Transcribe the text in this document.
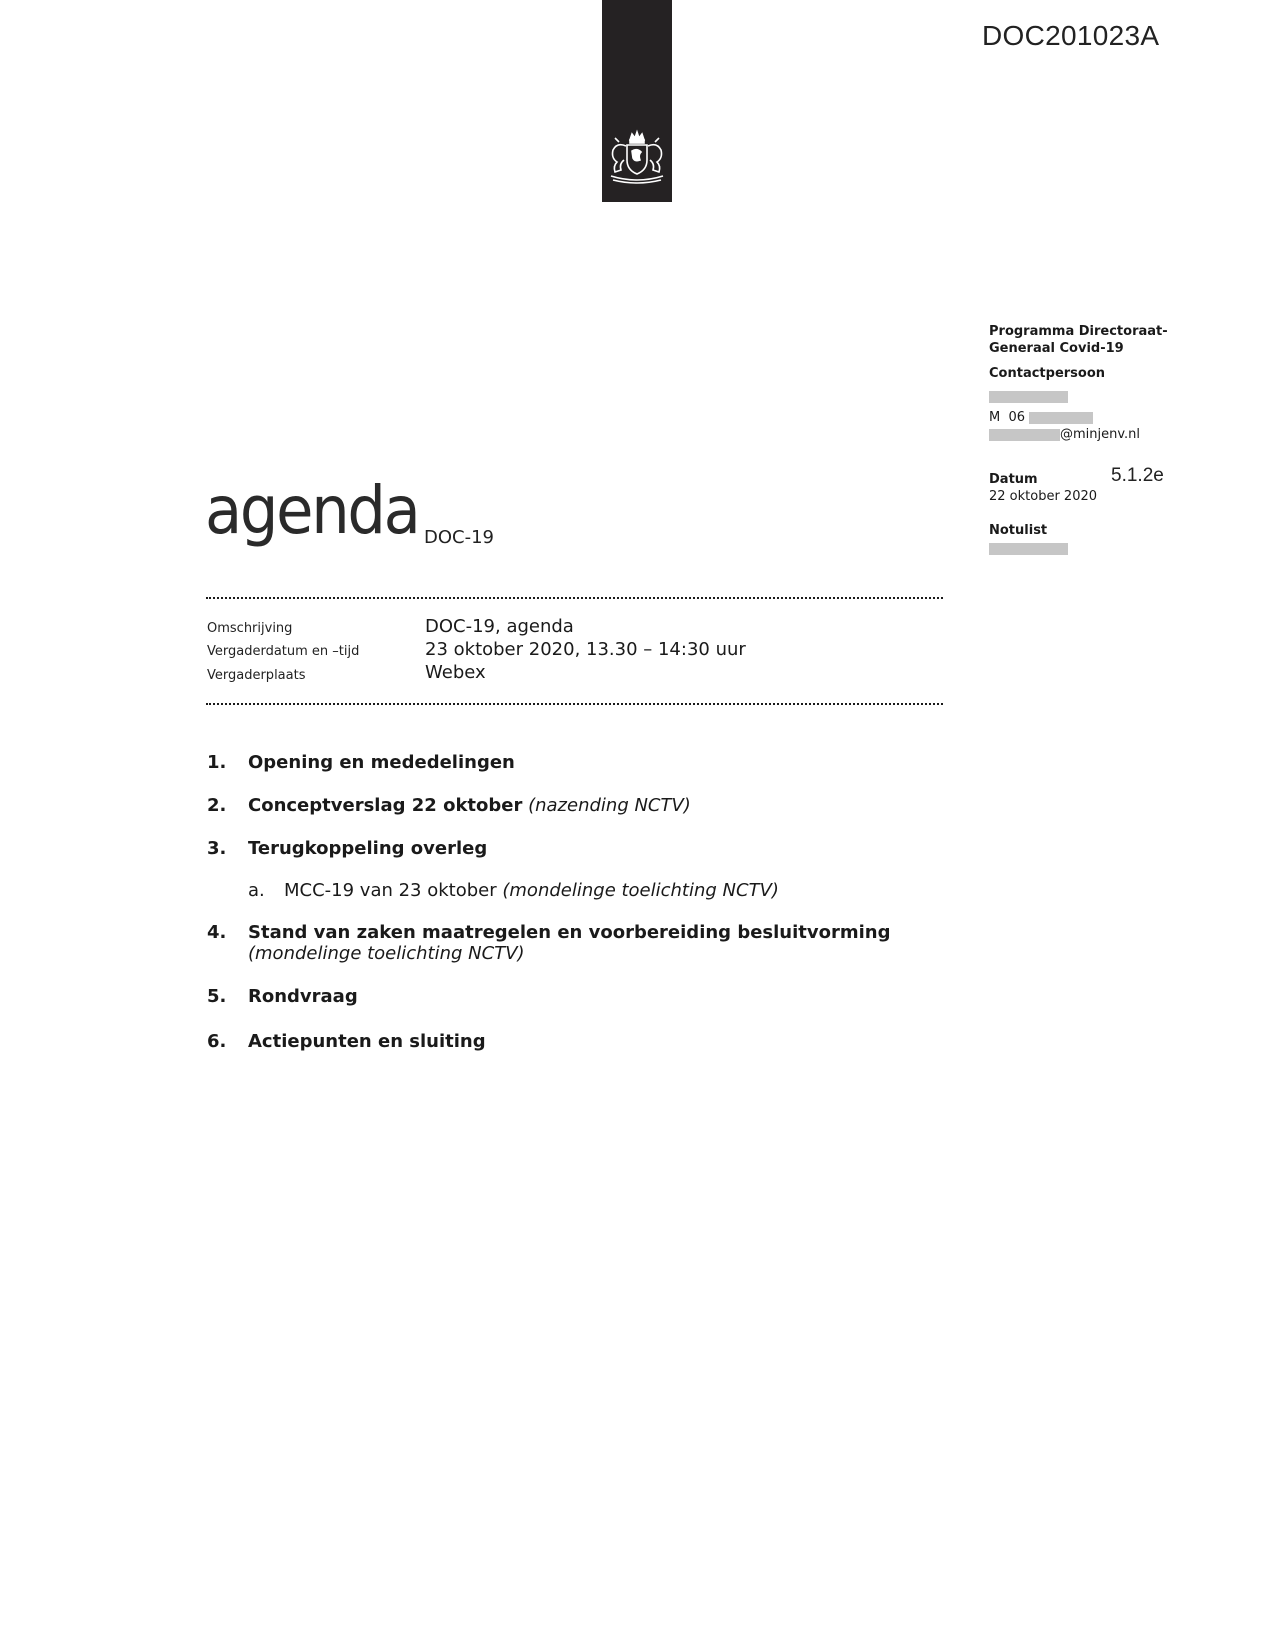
DOC201023A
Programma Directoraat-
Generaal Covid-19
Contactpersoon
M 06
@minjenv.nl
Datum
22 oktober 2020
Notulist
5.1.2e
agenda DOC-19
Omschrijving	DOC-19, agenda
Vergaderdatum en –tijd	23 oktober 2020, 13.30 – 14:30 uur
Vergaderplaats	Webex
1. Opening en mededelingen
2. Conceptverslag 22 oktober (nazending NCTV)
3. Terugkoppeling overleg
a. MCC-19 van 23 oktober (mondelinge toelichting NCTV)
4. Stand van zaken maatregelen en voorbereiding besluitvorming
(mondelinge toelichting NCTV)
5. Rondvraag
6. Actiepunten en sluiting
